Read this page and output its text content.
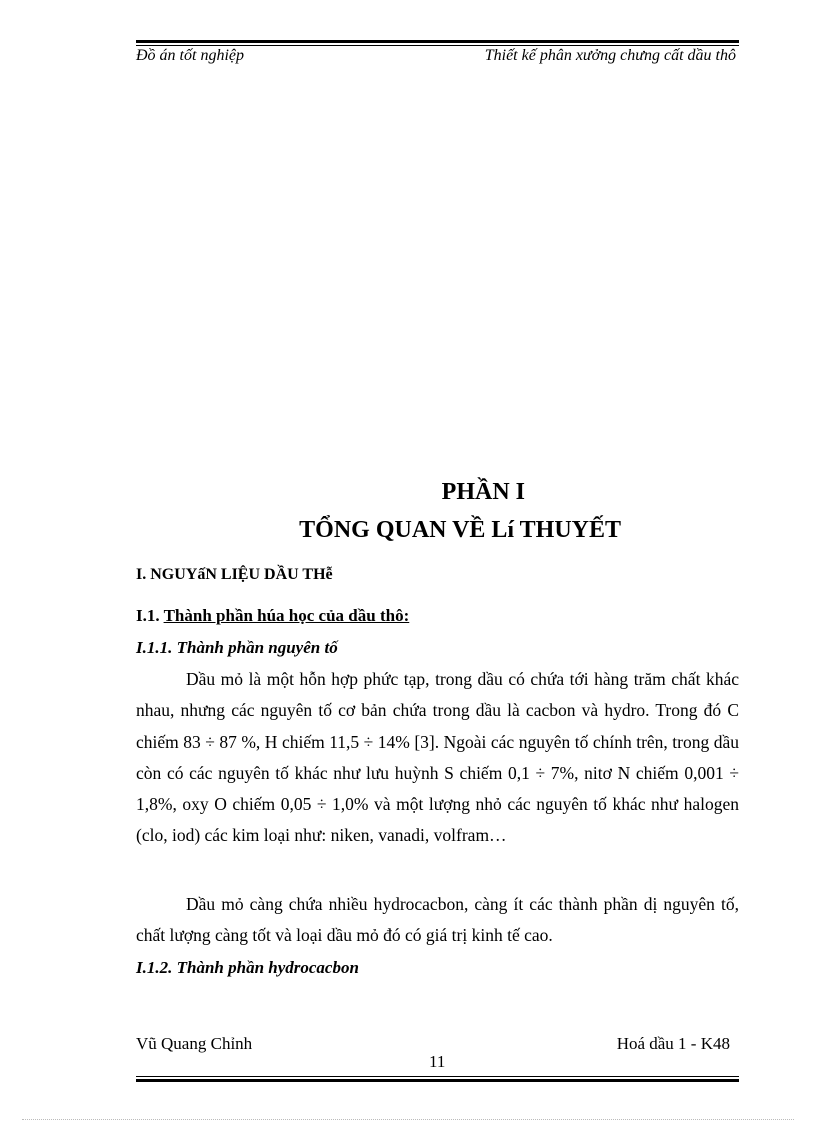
Đồ án tốt nghiệp	Thiết kế phân xưởng chưng cất dầu thô
PHẦN I
TỔNG QUAN VỀ Lí THUYẾT
I. NGUYấN LIỆU DẦU THễ
I.1. Thành phần húa học của dầu thô:
I.1.1. Thành phần nguyên tố
Dầu mỏ là một hỗn hợp phức tạp, trong dầu có chứa tới hàng trăm chất khác nhau, nhưng các nguyên tố cơ bản chứa trong dầu là cacbon và hydro. Trong đó C chiếm 83 ÷ 87 %, H chiếm 11,5 ÷ 14% [3]. Ngoài các nguyên tố chính trên, trong dầu còn có các nguyên tố khác như lưu huỳnh S chiếm 0,1 ÷ 7%, nitơ N chiếm 0,001 ÷ 1,8%, oxy O chiếm 0,05 ÷ 1,0% và một lượng nhỏ các nguyên tố khác như halogen (clo, iod) các kim loại như: niken, vanadi, volfram…
Dầu mỏ càng chứa nhiều hydrocacbon, càng ít các thành phần dị nguyên tố, chất lượng càng tốt và loại dầu mỏ đó có giá trị kinh tế cao.
I.1.2. Thành phần hydrocacbon
Vũ Quang Chỉnh	Hoá dầu 1 - K48
11
